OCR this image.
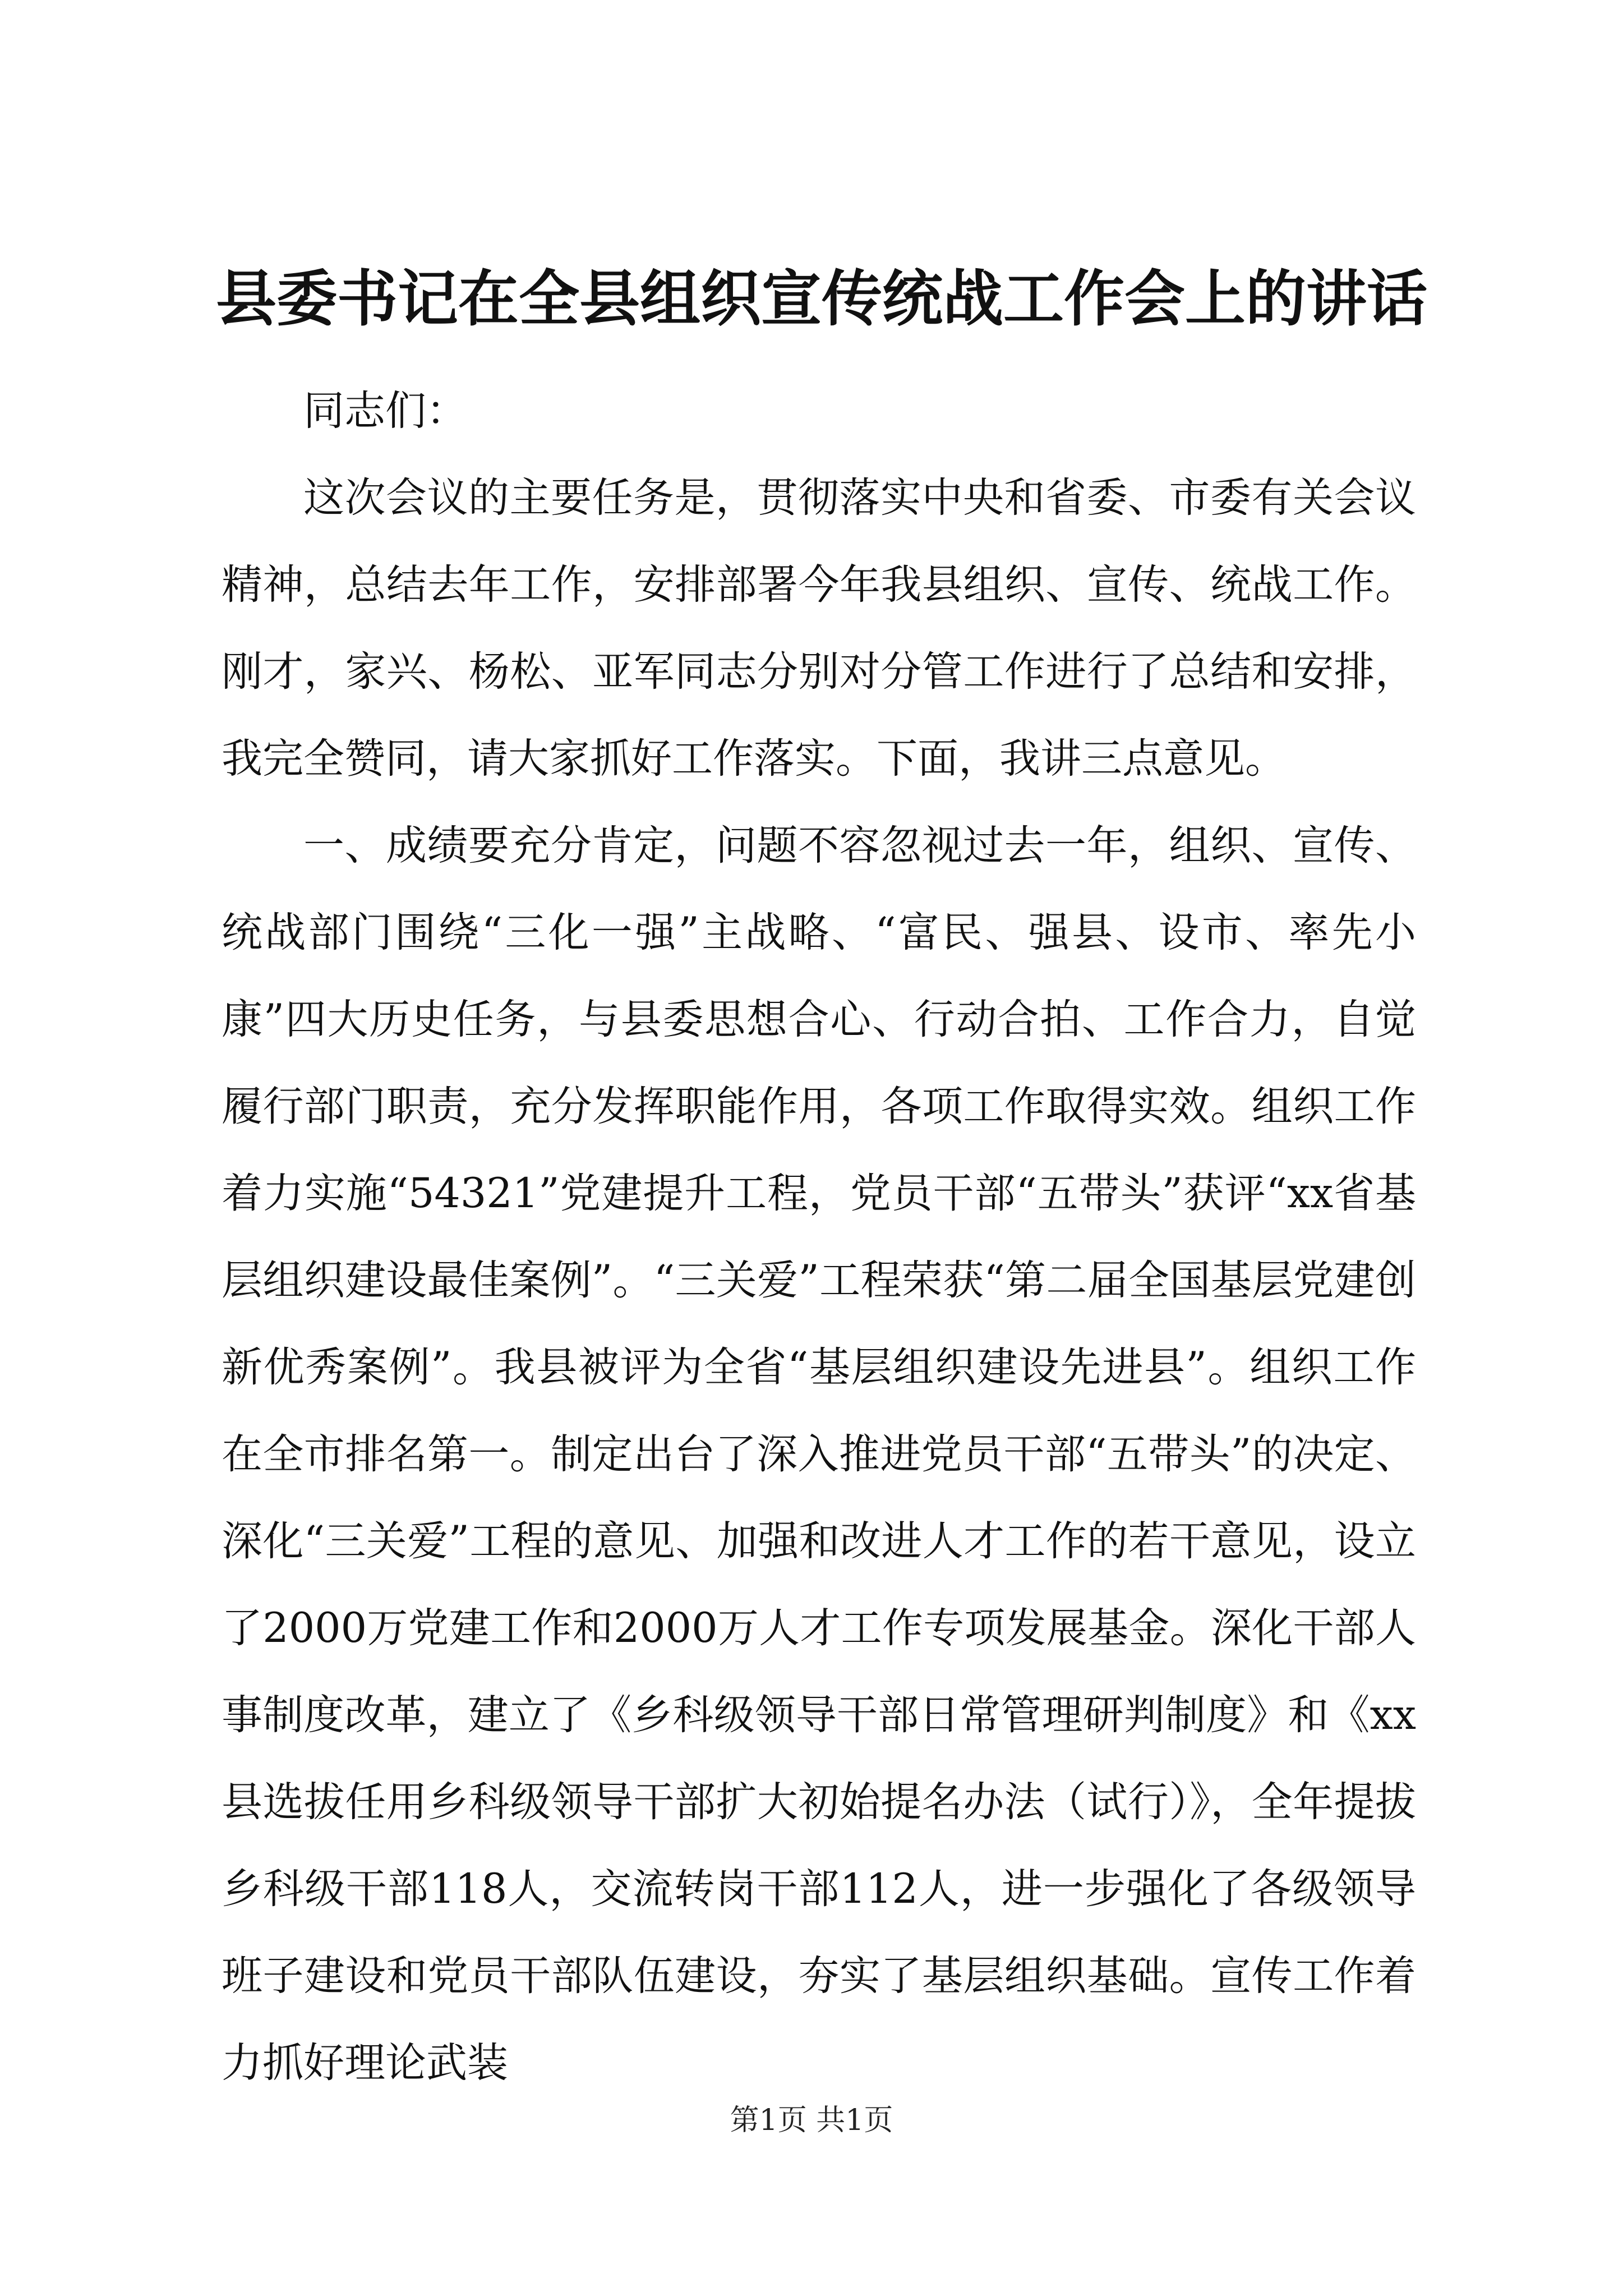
县委书记在全县组织宣传统战工作会上的讲话

同志们：

这次会议的主要任务是，贯彻落实中央和省委、市委有关会议精神，总结去年工作，安排部署今年我县组织、宣传、统战工作。刚才，家兴、杨松、亚军同志分别对分管工作进行了总结和安排，我完全赞同，请大家抓好工作落实。下面，我讲三点意见。

一、成绩要充分肯定，问题不容忽视过去一年，组织、宣传、统战部门围绕“三化一强”主战略、“富民、强县、设市、率先小康”四大历史任务，与县委思想合心、行动合拍、工作合力，自觉履行部门职责，充分发挥职能作用，各项工作取得实效。组织工作着力实施“54321”党建提升工程，党员干部“五带头”获评“xx省基层组织建设最佳案例”。“三关爱”工程荣获“第二届全国基层党建创新优秀案例”。我县被评为全省“基层组织建设先进县”。组织工作在全市排名第一。制定出台了深入推进党员干部“五带头”的决定、深化“三关爱”工程的意见、加强和改进人才工作的若干意见，设立了2000万党建工作和2000万人才工作专项发展基金。深化干部人事制度改革，建立了《乡科级领导干部日常管理研判制度》和《xx县选拔任用乡科级领导干部扩大初始提名办法（试行）》，全年提拔乡科级干部118人，交流转岗干部112人，进一步强化了各级领导班子建设和党员干部队伍建设，夯实了基层组织基础。宣传工作着力抓好理论武装

第1页 共1页
